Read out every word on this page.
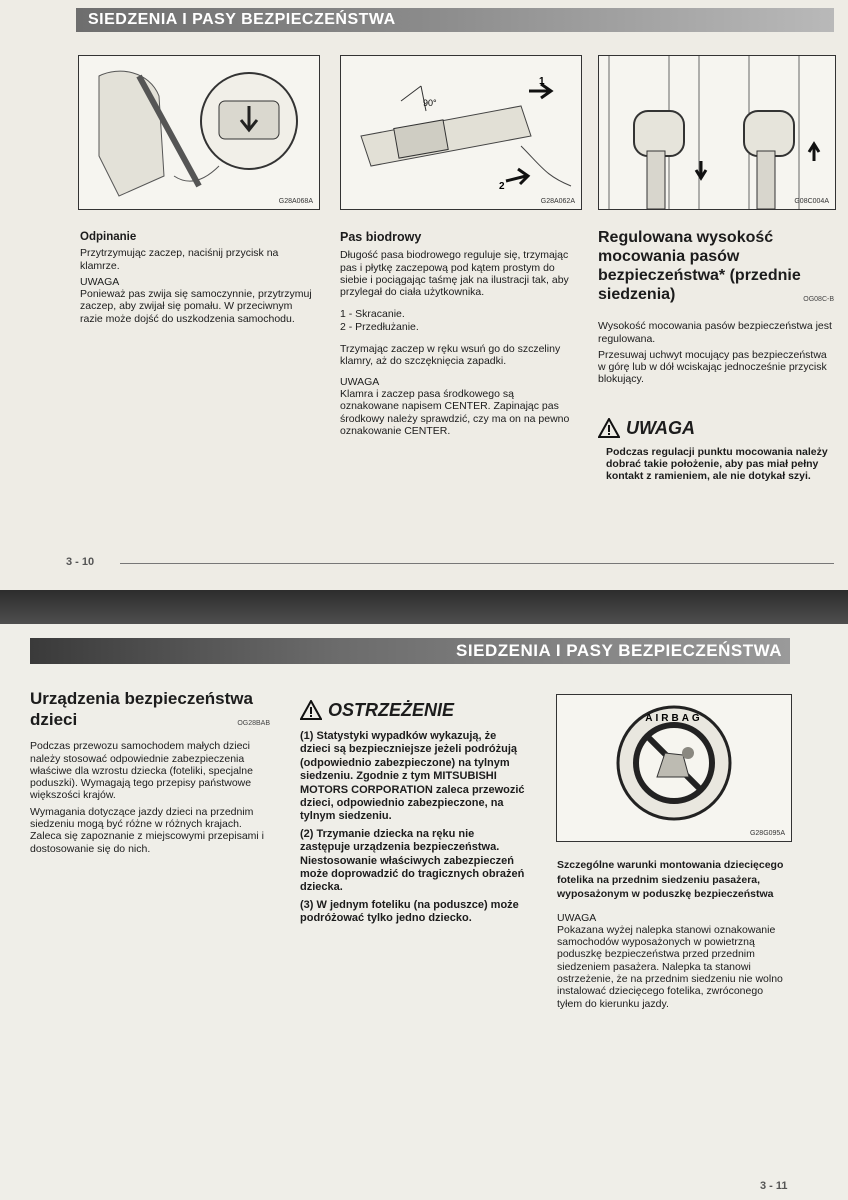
SIEDZENIA I PASY BEZPIECZEŃSTWA
G28A068A
90°
1
2
G28A062A	G08C004A
Odpinanie

Przytrzymując zaczep, naciśnij przycisk na klamrze.

UWAGA

Ponieważ pas zwija się samoczynnie, przytrzymuj zaczep, aby zwijał się pomału. W przeciwnym razie może dojść do uszkodzenia samochodu.

Pas biodrowy

Długość pasa biodrowego reguluje się, trzymając pas i płytkę zaczepową pod kątem prostym do siebie i pociągając taśmę jak na ilustracji tak, aby przylegał do ciała użytkownika.

1 - Skracanie.

2 - Przedłużanie.

Trzymając zaczep w ręku wsuń go do szczeliny klamry, aż do szczęknięcia zapadki.

UWAGA

Klamra i zaczep pasa środkowego są oznakowane napisem CENTER. Zapinając pas środkowy należy sprawdzić, czy ma on na pewno oznakowanie CENTER.

Regulowana wysokość mocowania pasów bezpieczeństwa* (przednie siedzenia)	OG08C-B

Wysokość mocowania pasów bezpieczeństwa jest regulowana.

Przesuwaj uchwyt mocujący pas bezpieczeństwa w górę lub w dół wciskając jednocześnie przycisk blokujący.

UWAGA

Podczas regulacji punktu mocowania należy dobrać takie położenie, aby pas miał pełny kontakt z ramieniem, ale nie dotykał szyi.

3 - 10
SIEDZENIA I PASY BEZPIECZEŃSTWA
Urządzenia bezpieczeństwa dzieci	OG28BAB

Podczas przewozu samochodem małych dzieci należy stosować odpowiednie zabezpieczenia właściwe dla wzrostu dziecka (foteliki, specjalne poduszki). Wymagają tego przepisy państwowe większości krajów.

Wymagania dotyczące jazdy dzieci na przednim siedzeniu mogą być różne w różnych krajach. Zaleca się zapoznanie z miejscowymi przepisami i dostosowanie się do nich.

OSTRZEŻENIE

(1) Statystyki wypadków wykazują, że dzieci są bezpieczniejsze jeżeli podróżują (odpowiednio zabezpieczone) na tylnym siedzeniu. Zgodnie z tym MITSUBISHI MOTORS CORPORATION zaleca przewozić dzieci, odpowiednio zabezpieczone, na tylnym siedzeniu.

(2) Trzymanie dziecka na ręku nie zastępuje urządzenia bezpieczeństwa. Niestosowanie właściwych zabezpieczeń może doprowadzić do tragicznych obrażeń dziecka.

(3) W jednym foteliku (na poduszce) może podróżować tylko jedno dziecko.

AIRBAG
G28G095A

Szczególne warunki montowania dziecięcego fotelika na przednim siedzeniu pasażera, wyposażonym w poduszkę bezpieczeństwa

UWAGA

Pokazana wyżej nalepka stanowi oznakowanie samochodów wyposażonych w powietrzną poduszkę bezpieczeństwa przed przednim siedzeniem pasażera. Nalepka ta stanowi ostrzeżenie, że na przednim siedzeniu nie wolno instalować dziecięcego fotelika, zwróconego tyłem do kierunku jazdy.

3 - 11
